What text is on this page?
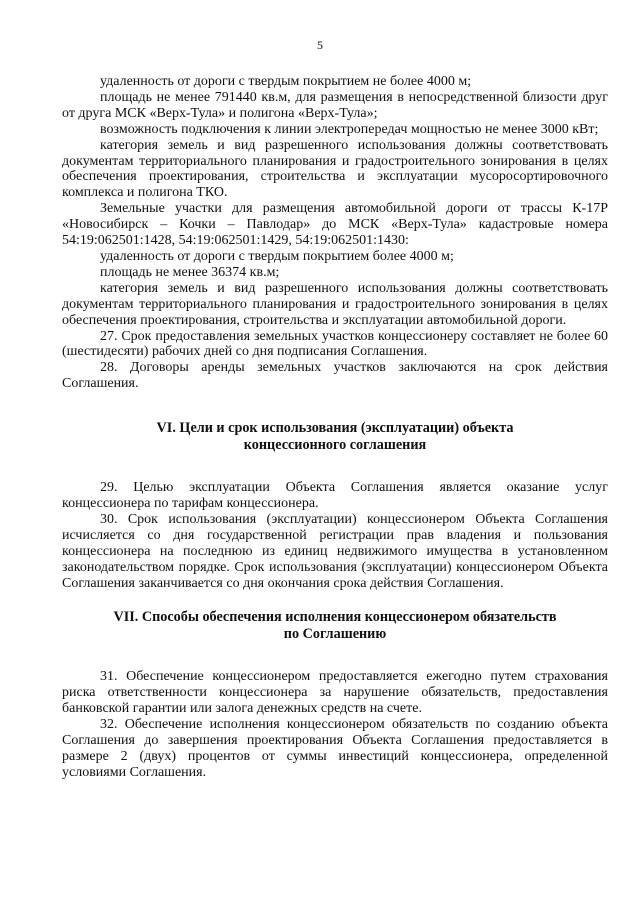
5

удаленность от дороги с твердым покрытием не более 4000 м;

площадь не менее 791440 кв.м, для размещения в непосредственной близости друг от друга МСК «Верх-Тула» и полигона «Верх-Тула»;

возможность подключения к линии электропередач мощностью не менее 3000 кВт;

категория земель и вид разрешенного использования должны соответствовать документам территориального планирования и градостроительного зонирования в целях обеспечения проектирования, строительства и эксплуатации мусоросортировочного комплекса и полигона ТКО.

Земельные участки для размещения автомобильной дороги от трассы К-17Р «Новосибирск – Кочки – Павлодар» до МСК «Верх-Тула» кадастровые номера 54:19:062501:1428, 54:19:062501:1429, 54:19:062501:1430:

удаленность от дороги с твердым покрытием более 4000 м;

площадь не менее 36374 кв.м;

категория земель и вид разрешенного использования должны соответствовать документам территориального планирования и градостроительного зонирования в целях обеспечения проектирования, строительства и эксплуатации автомобильной дороги.

27. Срок предоставления земельных участков концессионеру составляет не более 60 (шестидесяти) рабочих дней со дня подписания Соглашения.

28. Договоры аренды земельных участков заключаются на срок действия Соглашения.

VI. Цели и срок использования (эксплуатации) объекта
концессионного соглашения

29. Целью эксплуатации Объекта Соглашения является оказание услуг концессионера по тарифам концессионера.

30. Срок использования (эксплуатации) концессионером Объекта Соглашения исчисляется со дня государственной регистрации прав владения и пользования концессионера на последнюю из единиц недвижимого имущества в установленном законодательством порядке. Срок использования (эксплуатации) концессионером Объекта Соглашения заканчивается со дня окончания срока действия Соглашения.

VII. Способы обеспечения исполнения концессионером обязательств
по Соглашению

31. Обеспечение концессионером предоставляется ежегодно путем страхования риска ответственности концессионера за нарушение обязательств, предоставления банковской гарантии или залога денежных средств на счете.

32. Обеспечение исполнения концессионером обязательств по созданию объекта Соглашения до завершения проектирования Объекта Соглашения предоставляется в размере 2 (двух) процентов от суммы инвестиций концессионера, определенной условиями Соглашения.
